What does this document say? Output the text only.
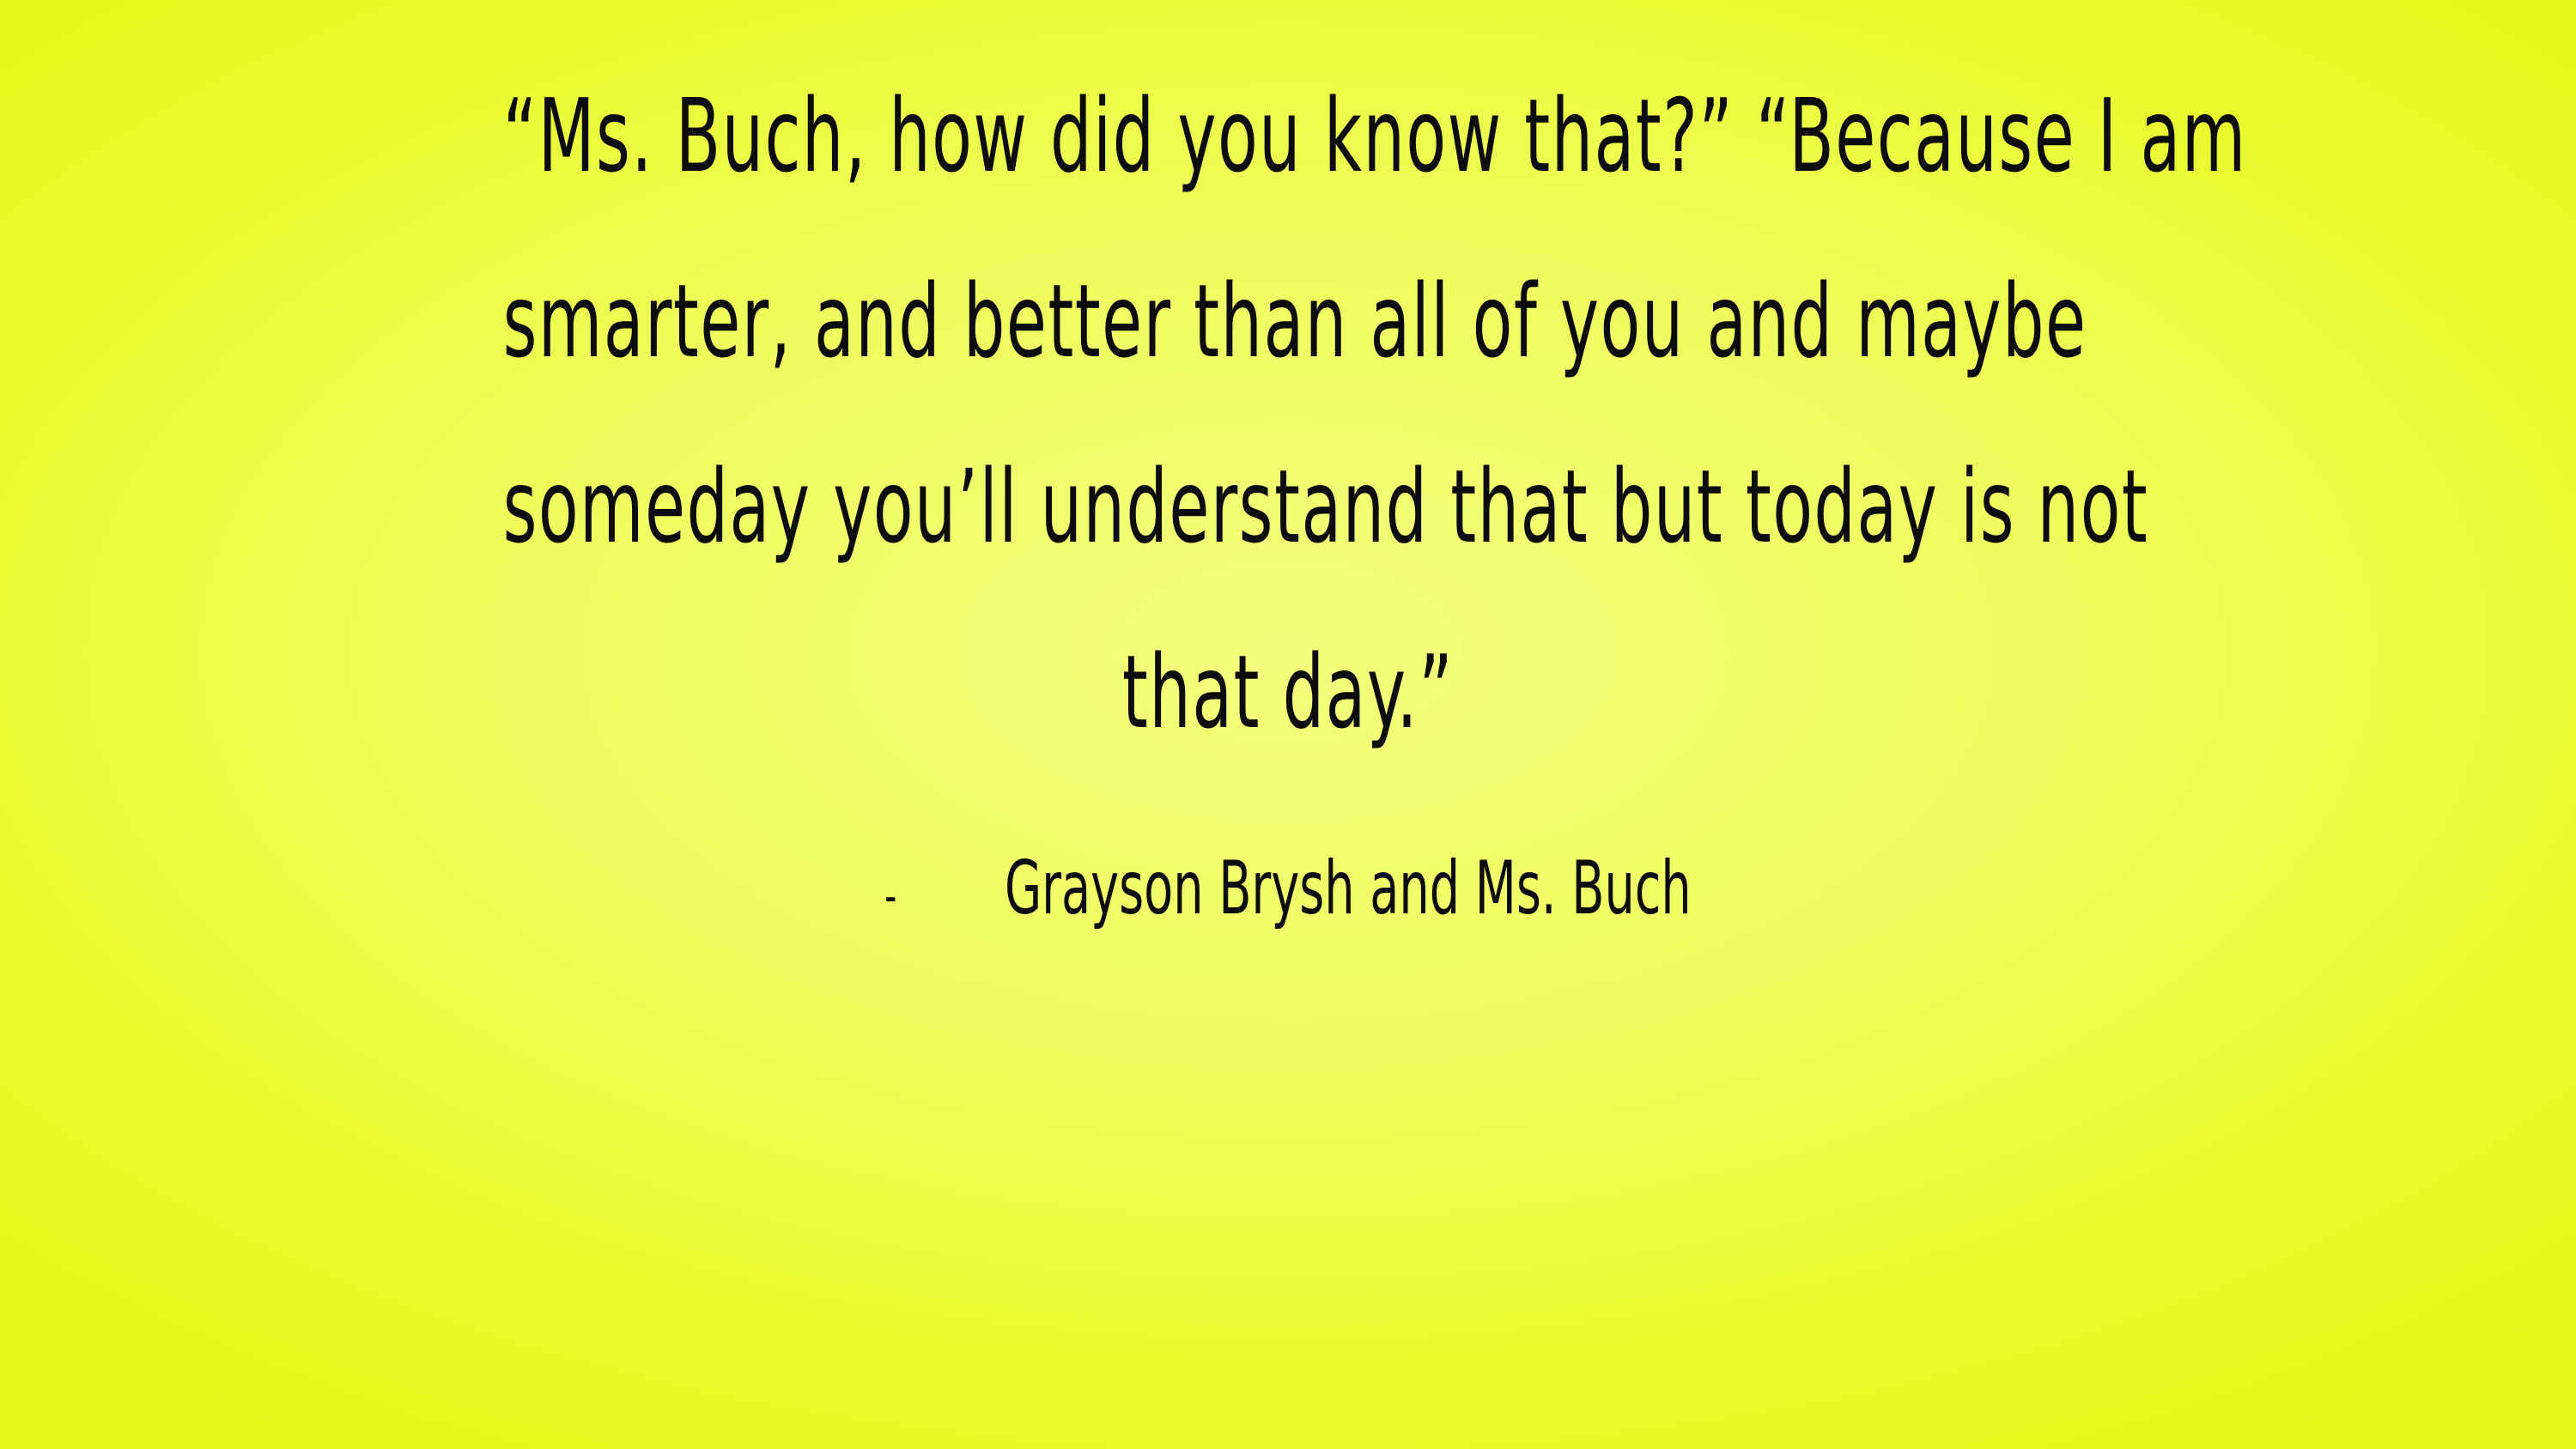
“Ms. Buch, how did you know that?” “Because I am
smarter, and better than all of you and maybe
someday you’ll understand that but today is not
that day.”

- Grayson Brysh and Ms. Buch
